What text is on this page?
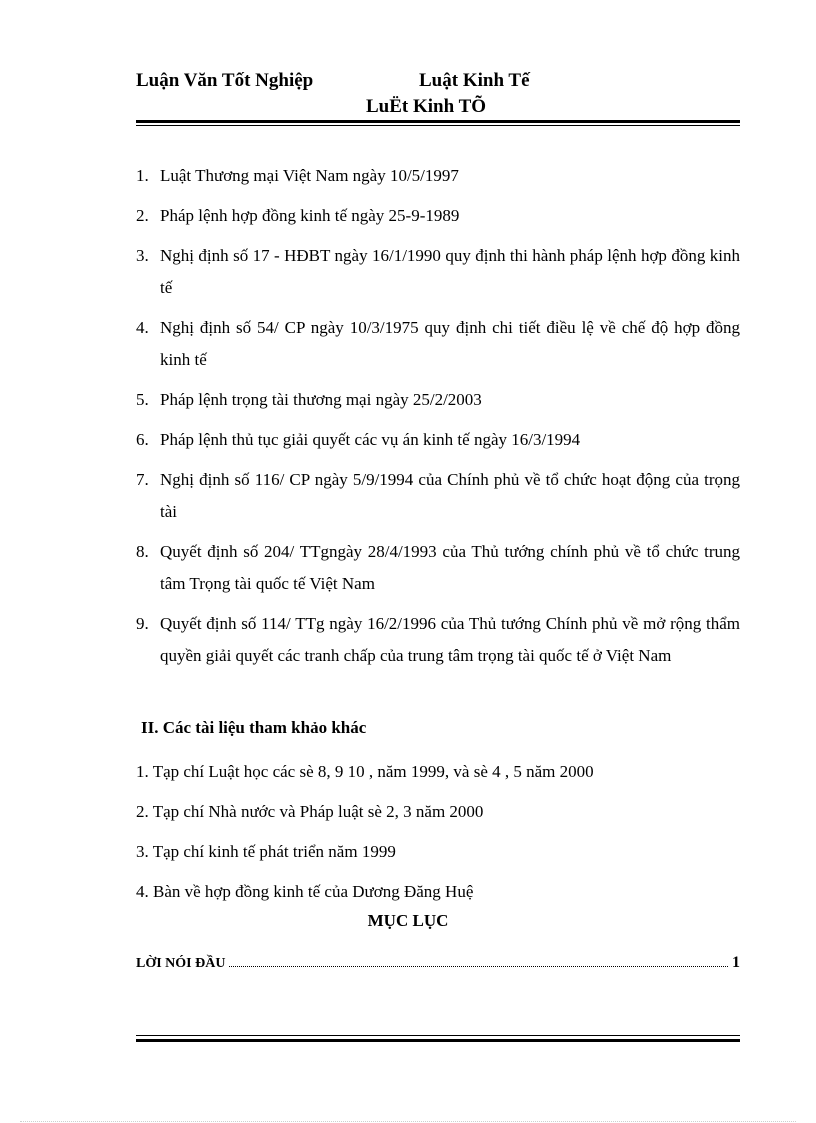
Luận Văn Tốt Nghiệp	Luật Kinh Tế
LuËt Kinh TÕ
1. Luật Thương mại Việt Nam ngày 10/5/1997
2. Pháp lệnh hợp đồng kinh tế ngày 25-9-1989
3. Nghị định số 17 - HĐBT ngày 16/1/1990 quy định thi hành pháp lệnh hợp đồng kinh tế
4. Nghị định số 54/ CP ngày 10/3/1975 quy định chi tiết điều lệ về chế độ hợp đồng kinh tế
5. Pháp lệnh trọng tài thương mại ngày 25/2/2003
6. Pháp lệnh thủ tục giải quyết các vụ án kinh tế ngày 16/3/1994
7. Nghị định số 116/ CP ngày 5/9/1994 của Chính phủ về tổ chức hoạt động của trọng tài
8. Quyết định số 204/ TTgngày 28/4/1993 của Thủ tướng chính phủ về tổ chức trung tâm Trọng tài quốc tế Việt Nam
9. Quyết định số 114/ TTg ngày 16/2/1996 của Thủ tướng Chính phủ về mở rộng thẩm quyền giải quyết các tranh chấp của trung tâm trọng tài quốc tế ở Việt Nam
II. Các tài liệu tham khảo khác
1. Tạp chí Luật học các sè 8, 9 10 , năm 1999, và sè 4 , 5 năm 2000
2. Tạp chí Nhà nước và Pháp luật sè 2, 3 năm 2000
3. Tạp chí kinh tế phát triển năm 1999
4. Bàn về hợp đồng kinh tế của Dương Đăng Huệ
MỤC LỤC
LỜI NÓI ĐẦU	1
